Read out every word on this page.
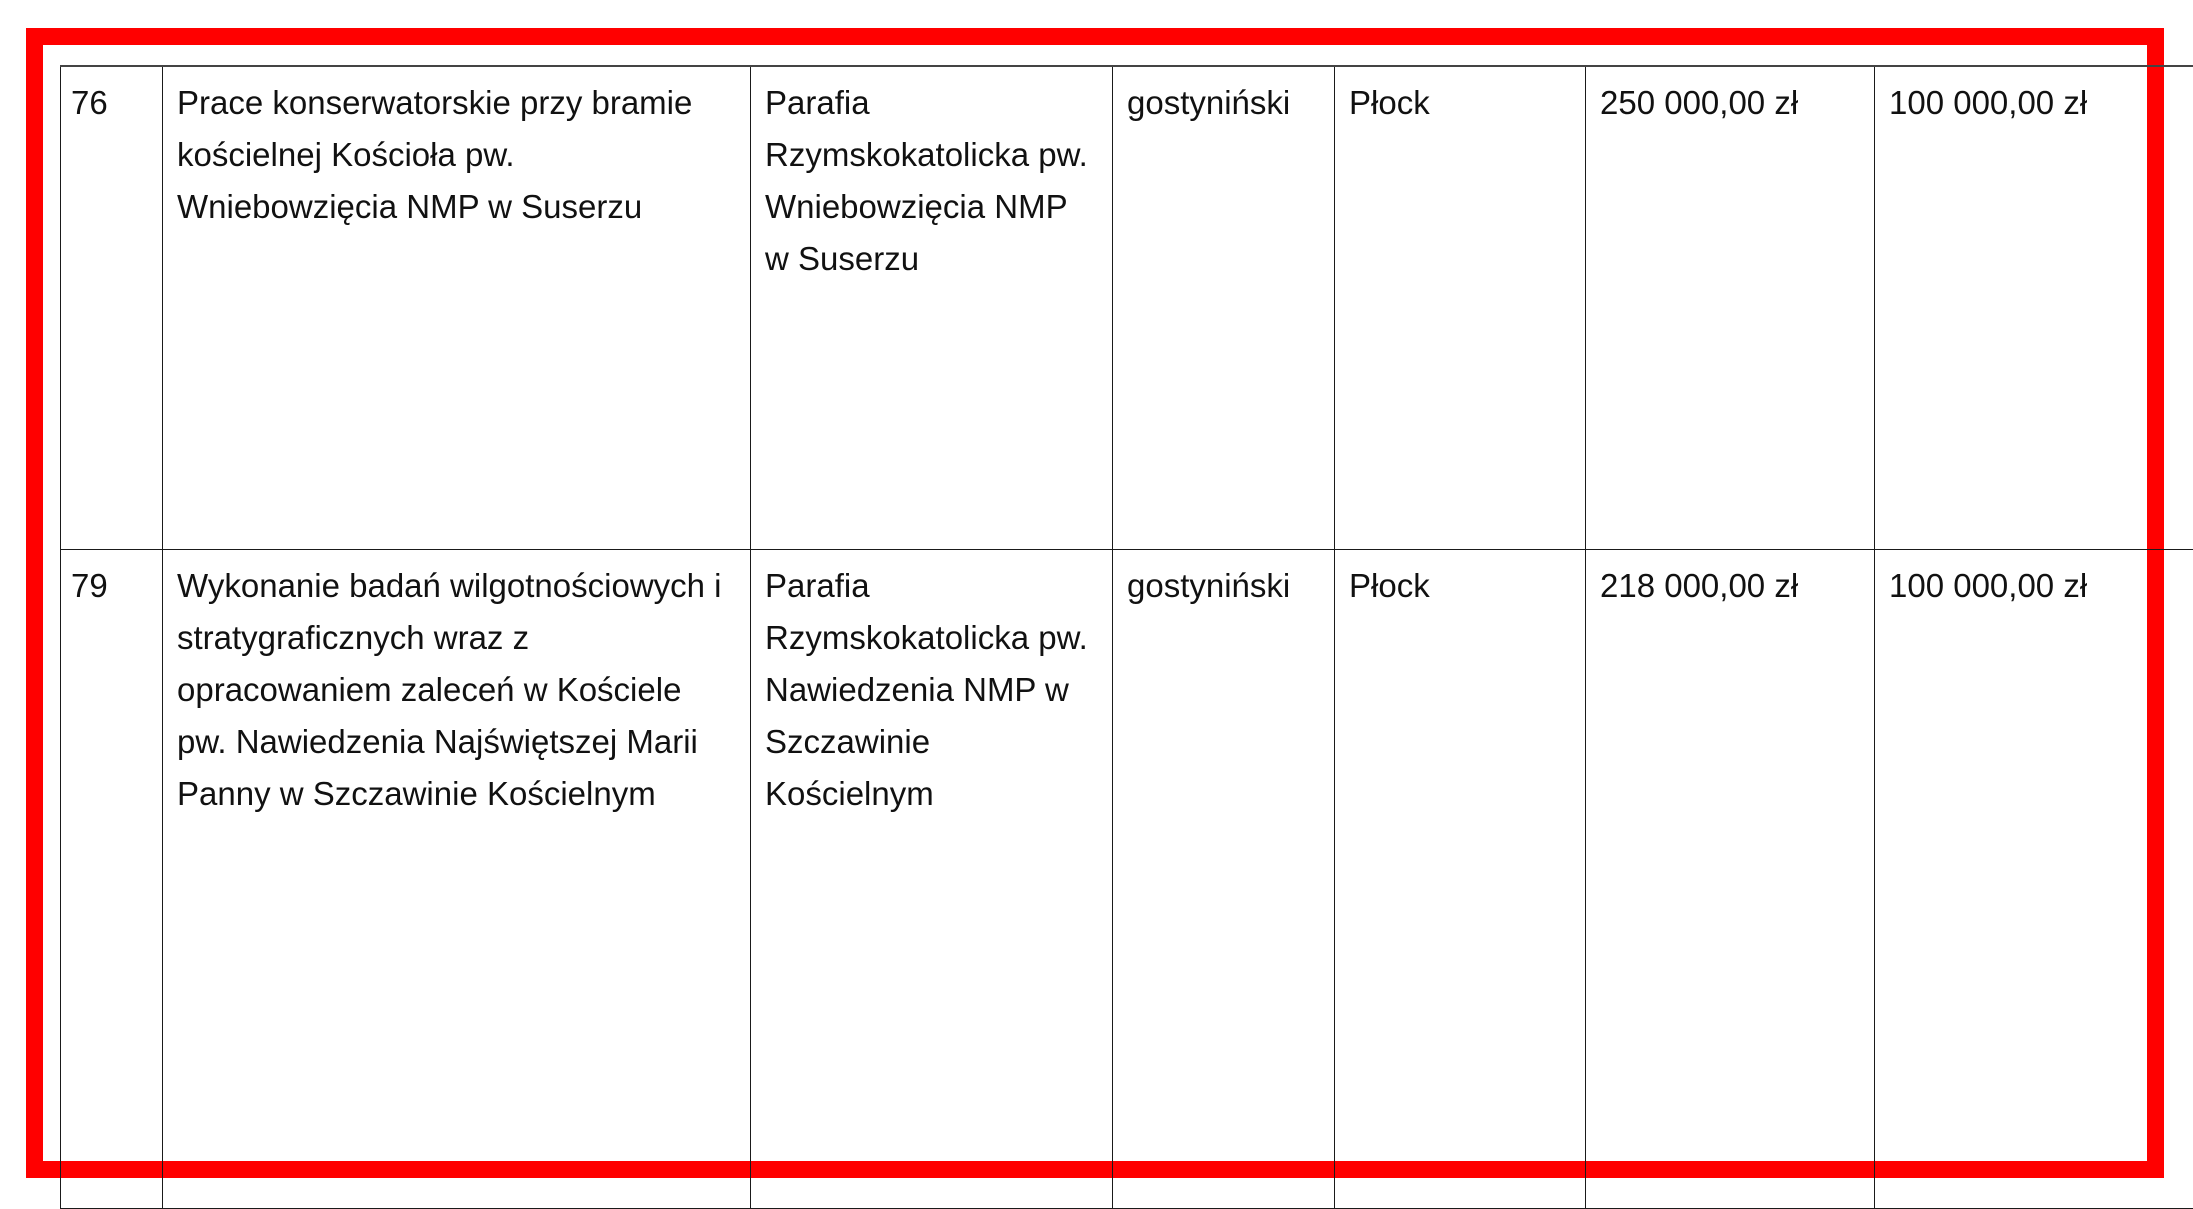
76	Prace konserwatorskie przy bramie kościelnej Kościoła pw. Wniebowzięcia NMP w Suserzu	Parafia Rzymskokatolicka pw. Wniebowzięcia NMP w Suserzu	gostyniński	Płock	250 000,00 zł	100 000,00 zł
79	Wykonanie badań wilgotnościowych i stratygraficznych wraz z opracowaniem zaleceń w Kościele pw. Nawiedzenia Najświętszej Marii Panny w Szczawinie Kościelnym	Parafia Rzymskokatolicka pw. Nawiedzenia NMP w Szczawinie Kościelnym	gostyniński	Płock	218 000,00 zł	100 000,00 zł
